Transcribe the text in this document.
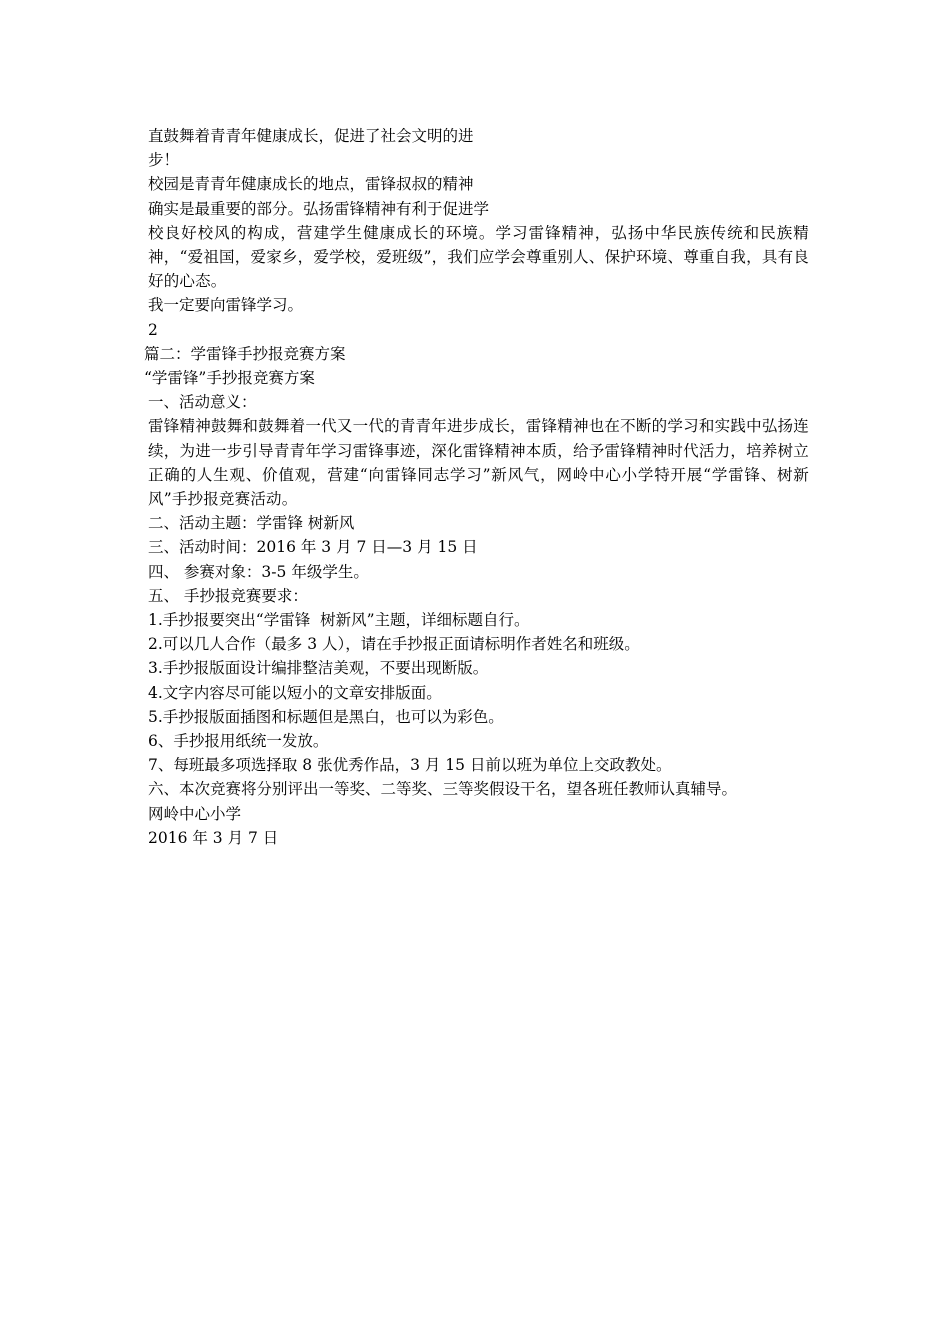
直鼓舞着青青年健康成长，促进了社会文明的进
步！
校园是青青年健康成长的地点，雷锋叔叔的精神
确实是最重要的部分。弘扬雷锋精神有利于促进学
校良好校风的构成，营建学生健康成长的环境。学习雷锋精神，弘扬中华民族传统和民族精神，“爱祖国，爱家乡，爱学校，爱班级”，我们应学会尊重别人、保护环境、尊重自我，具有良好的心态。
我一定要向雷锋学习。
2
篇二：学雷锋手抄报竞赛方案
“学雷锋”手抄报竞赛方案
一、活动意义：
雷锋精神鼓舞和鼓舞着一代又一代的青青年进步成长，雷锋精神也在不断的学习和实践中弘扬连续，为进一步引导青青年学习雷锋事迹，深化雷锋精神本质，给予雷锋精神时代活力，培养树立正确的人生观、价值观，营建“向雷锋同志学习”新风气，网岭中心小学特开展“学雷锋、树新风”手抄报竞赛活动。
二、活动主题：学雷锋 树新风
三、活动时间：2016 年 3 月 7 日—3 月 15 日
四、 参赛对象：3-5 年级学生。
五、 手抄报竞赛要求：
1.手抄报要突出“学雷锋  树新风”主题，详细标题自行。
2.可以几人合作（最多 3 人），请在手抄报正面请标明作者姓名和班级。
3.手抄报版面设计编排整洁美观，不要出现断版。
4.文字内容尽可能以短小的文章安排版面。
5.手抄报版面插图和标题但是黑白，也可以为彩色。
6、手抄报用纸统一发放。
7、每班最多项选择取 8 张优秀作品，3 月 15 日前以班为单位上交政教处。
六、本次竞赛将分别评出一等奖、二等奖、三等奖假设干名，望各班任教师认真辅导。
网岭中心小学
2016 年 3 月 7 日
